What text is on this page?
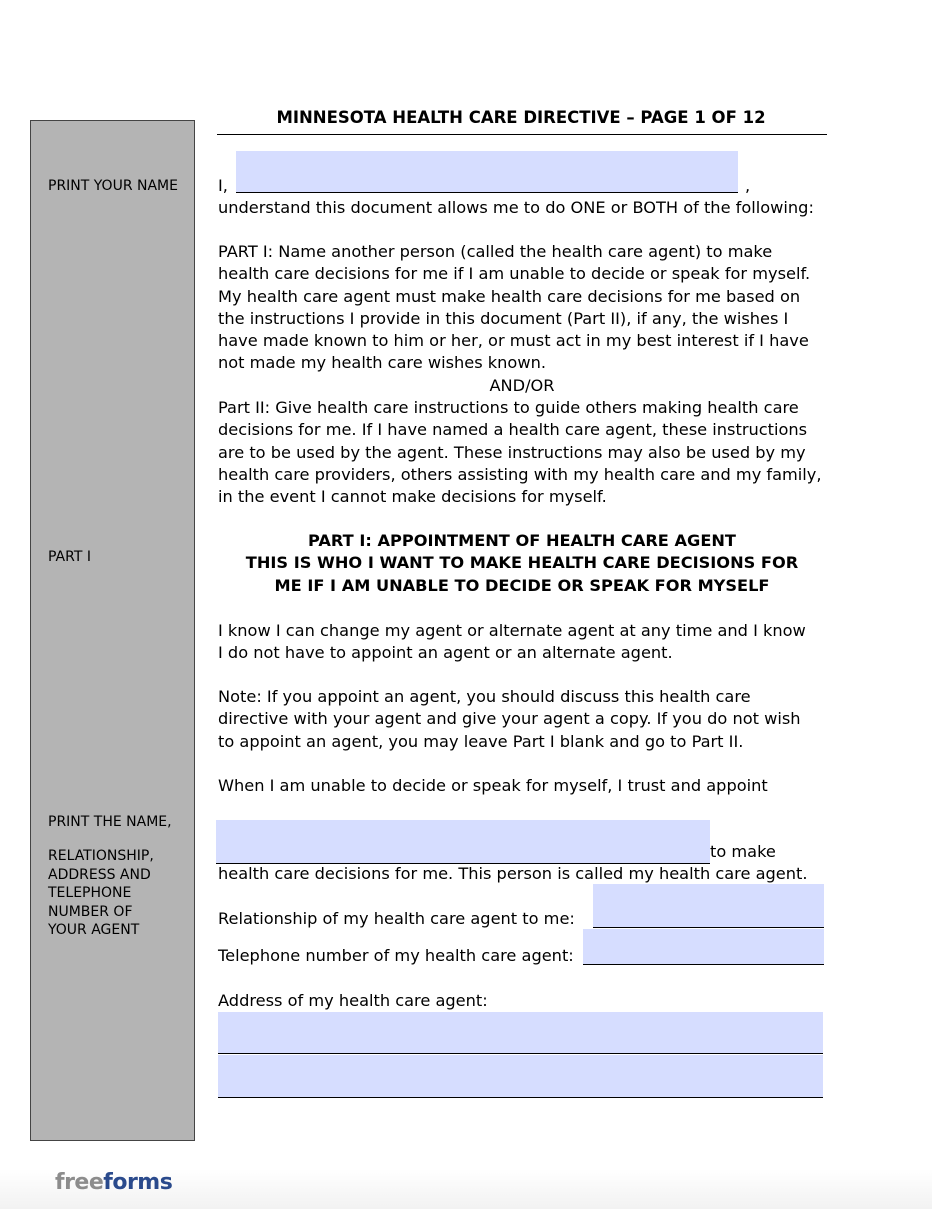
PRINT YOUR NAME
PART I
PRINT THE NAME,
RELATIONSHIP,
ADDRESS AND
TELEPHONE
NUMBER OF
YOUR AGENT
MINNESOTA HEALTH CARE DIRECTIVE – PAGE 1 OF 12
I,	,
understand this document allows me to do ONE or BOTH of the following:
PART I: Name another person (called the health care agent) to make
health care decisions for me if I am unable to decide or speak for myself.
My health care agent must make health care decisions for me based on
the instructions I provide in this document (Part II), if any, the wishes I
have made known to him or her, or must act in my best interest if I have
not made my health care wishes known.
AND/OR
Part II: Give health care instructions to guide others making health care
decisions for me. If I have named a health care agent, these instructions
are to be used by the agent. These instructions may also be used by my
health care providers, others assisting with my health care and my family,
in the event I cannot make decisions for myself.
PART I: APPOINTMENT OF HEALTH CARE AGENT
THIS IS WHO I WANT TO MAKE HEALTH CARE DECISIONS FOR
ME IF I AM UNABLE TO DECIDE OR SPEAK FOR MYSELF
I know I can change my agent or alternate agent at any time and I know
I do not have to appoint an agent or an alternate agent.
Note: If you appoint an agent, you should discuss this health care
directive with your agent and give your agent a copy. If you do not wish
to appoint an agent, you may leave Part I blank and go to Part II.
When I am unable to decide or speak for myself, I trust and appoint
to make
health care decisions for me. This person is called my health care agent.
Relationship of my health care agent to me:
Telephone number of my health care agent:
Address of my health care agent:
freeforms
